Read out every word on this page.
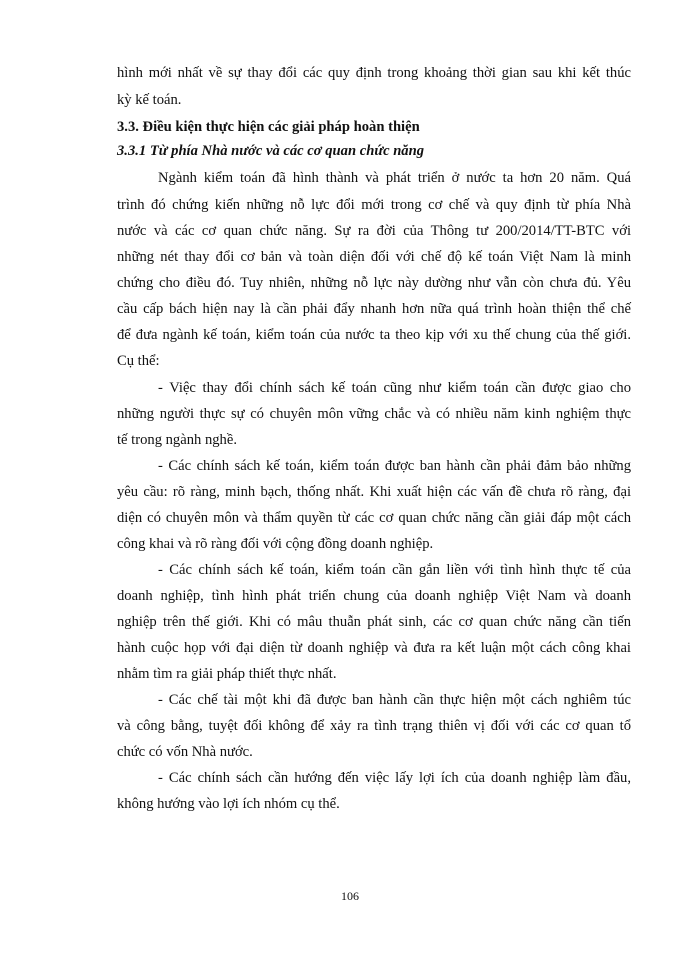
hình mới nhất về sự thay đổi các quy định trong khoảng thời gian sau khi kết thúc
kỳ kế toán.
3.3. Điều kiện thực hiện các giải pháp hoàn thiện
3.3.1 Từ phía Nhà nước và các cơ quan chức năng
Ngành kiểm toán đã hình thành và phát triển ở nước ta hơn 20 năm. Quá
trình đó chứng kiến những nỗ lực đổi mới trong cơ chế và quy định từ phía Nhà
nước và các cơ quan chức năng. Sự ra đời của Thông tư 200/2014/TT-BTC với
những nét thay đổi cơ bản và toàn diện đối với chế độ kế toán Việt Nam là minh
chứng cho điều đó. Tuy nhiên, những nỗ lực này dường như vẫn còn chưa đủ. Yêu
cầu cấp bách hiện nay là cần phải đẩy nhanh hơn nữa quá trình hoàn thiện thể chế
để đưa ngành kế toán, kiểm toán của nước ta theo kịp với xu thế chung của thế giới.
Cụ thể:
- Việc thay đổi chính sách kế toán cũng như kiểm toán cần được giao cho
những người thực sự có chuyên môn vững chắc và có nhiều năm kinh nghiệm thực
tế trong ngành nghề.
- Các chính sách kế toán, kiểm toán được ban hành cần phải đảm bảo những
yêu cầu: rõ ràng, minh bạch, thống nhất. Khi xuất hiện các vấn đề chưa rõ ràng, đại
diện có chuyên môn và thẩm quyền từ các cơ quan chức năng cần giải đáp một cách
công khai và rõ ràng đối với cộng đồng doanh nghiệp.
- Các chính sách kế toán, kiểm toán cần gắn liền với tình hình thực tế của
doanh nghiệp, tình hình phát triển chung của doanh nghiệp Việt Nam và doanh
nghiệp trên thế giới. Khi có mâu thuẫn phát sinh, các cơ quan chức năng cần tiến
hành cuộc họp với đại diện từ doanh nghiệp và đưa ra kết luận một cách công khai
nhằm tìm ra giải pháp thiết thực nhất.
- Các chế tài một khi đã được ban hành cần thực hiện một cách nghiêm túc
và công bằng, tuyệt đối không để xảy ra tình trạng thiên vị đối với các cơ quan tổ
chức có vốn Nhà nước.
- Các chính sách cần hướng đến việc lấy lợi ích của doanh nghiệp làm đầu,
không hướng vào lợi ích nhóm cụ thể.
106
